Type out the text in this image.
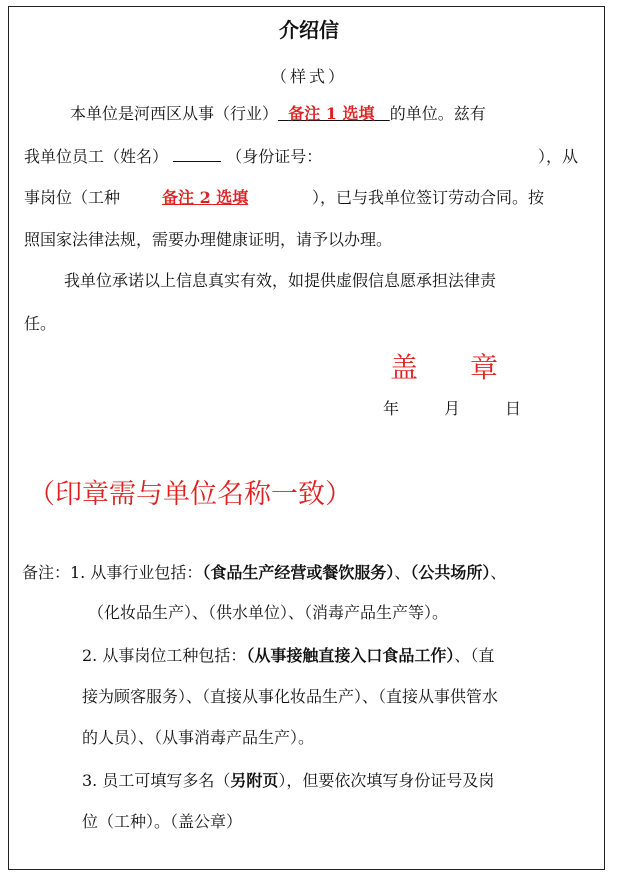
介绍信
（样式）
本单位是河西区从事（行业） 备注 1 选填 的单位。兹有
我单位员工（姓名）	（身份证号：	），从
事岗位（工种	备注 2 选填	），已与我单位签订劳动合同。按
照国家法律法规，需要办理健康证明，请予以办理。
我单位承诺以上信息真实有效，如提供虚假信息愿承担法律责
任。
盖 章
年	月	日
（印章需与单位名称一致）
备注：1. 从事行业包括：（食品生产经营或餐饮服务）、（公共场所）、
（化妆品生产）、（供水单位）、（消毒产品生产等）。
2. 从事岗位工种包括：（从事接触直接入口食品工作）、（直
接为顾客服务）、（直接从事化妆品生产）、（直接从事供管水
的人员）、（从事消毒产品生产）。
3. 员工可填写多名（另附页），但要依次填写身份证号及岗
位（工种）。（盖公章）
